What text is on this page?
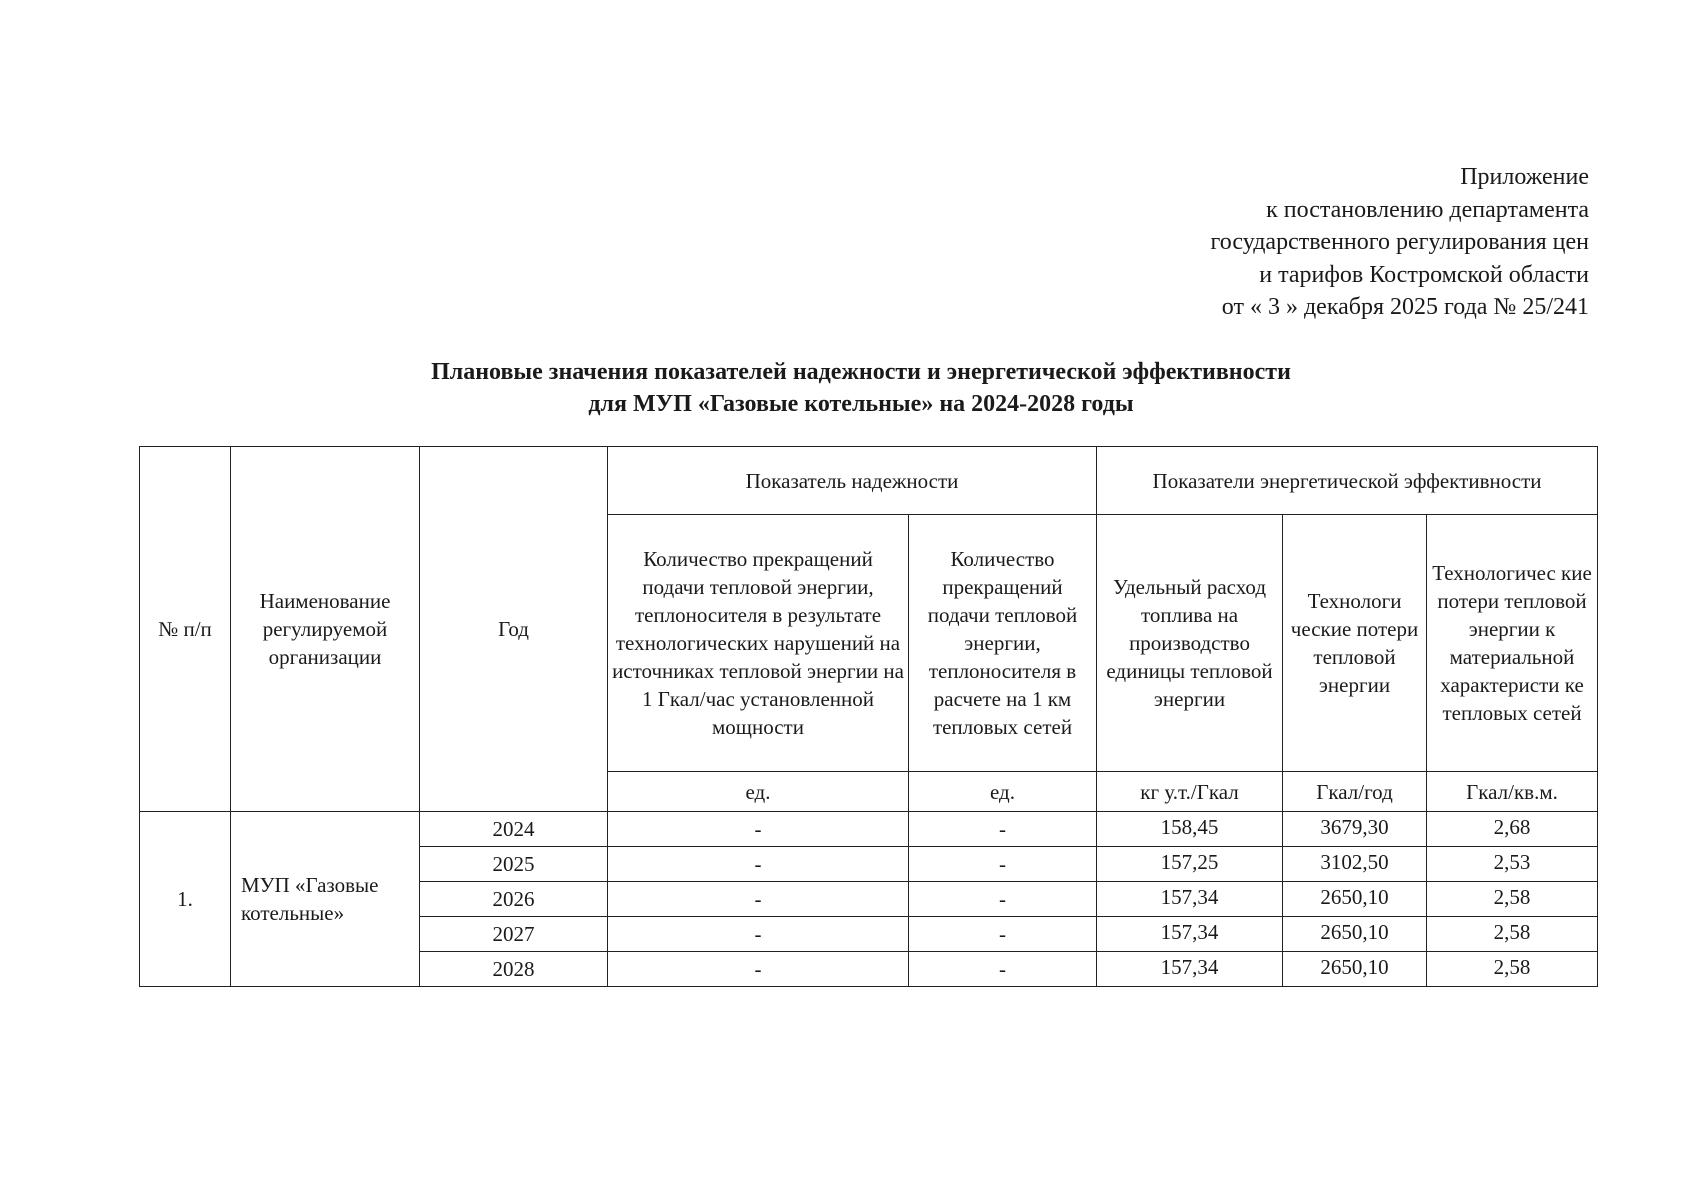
Приложение
к постановлению департамента
государственного регулирования цен
и тарифов Костромской области
от « 3 » декабря 2025 года № 25/241
Плановые значения показателей надежности и энергетической эффективности
для МУП «Газовые котельные» на 2024-2028 годы
№ п/п	Наименование регулируемой организации	Год	Показатель надежности		Показатели энергетической эффективности		
			Количество прекращений подачи тепловой энергии, теплоносителя в результате технологических нарушений на источниках тепловой энергии на 1 Гкал/час установленной мощности	Количество прекращений подачи тепловой энергии, теплоносителя в расчете на 1 км тепловых сетей	Удельный расход топлива на производство единицы тепловой энергии	Технологи ческие потери тепловой энергии	Технологичес кие потери тепловой энергии к материальной характеристи ке тепловых сетей
			ед.	ед.	кг у.т./Гкал	Гкал/год	Гкал/кв.м.
1.	МУП «Газовые котельные»	2024	-	-	158,45	3679,30	2,68
		2025	-	-	157,25	3102,50	2,53
		2026	-	-	157,34	2650,10	2,58
		2027	-	-	157,34	2650,10	2,58
		2028	-	-	157,34	2650,10	2,58
